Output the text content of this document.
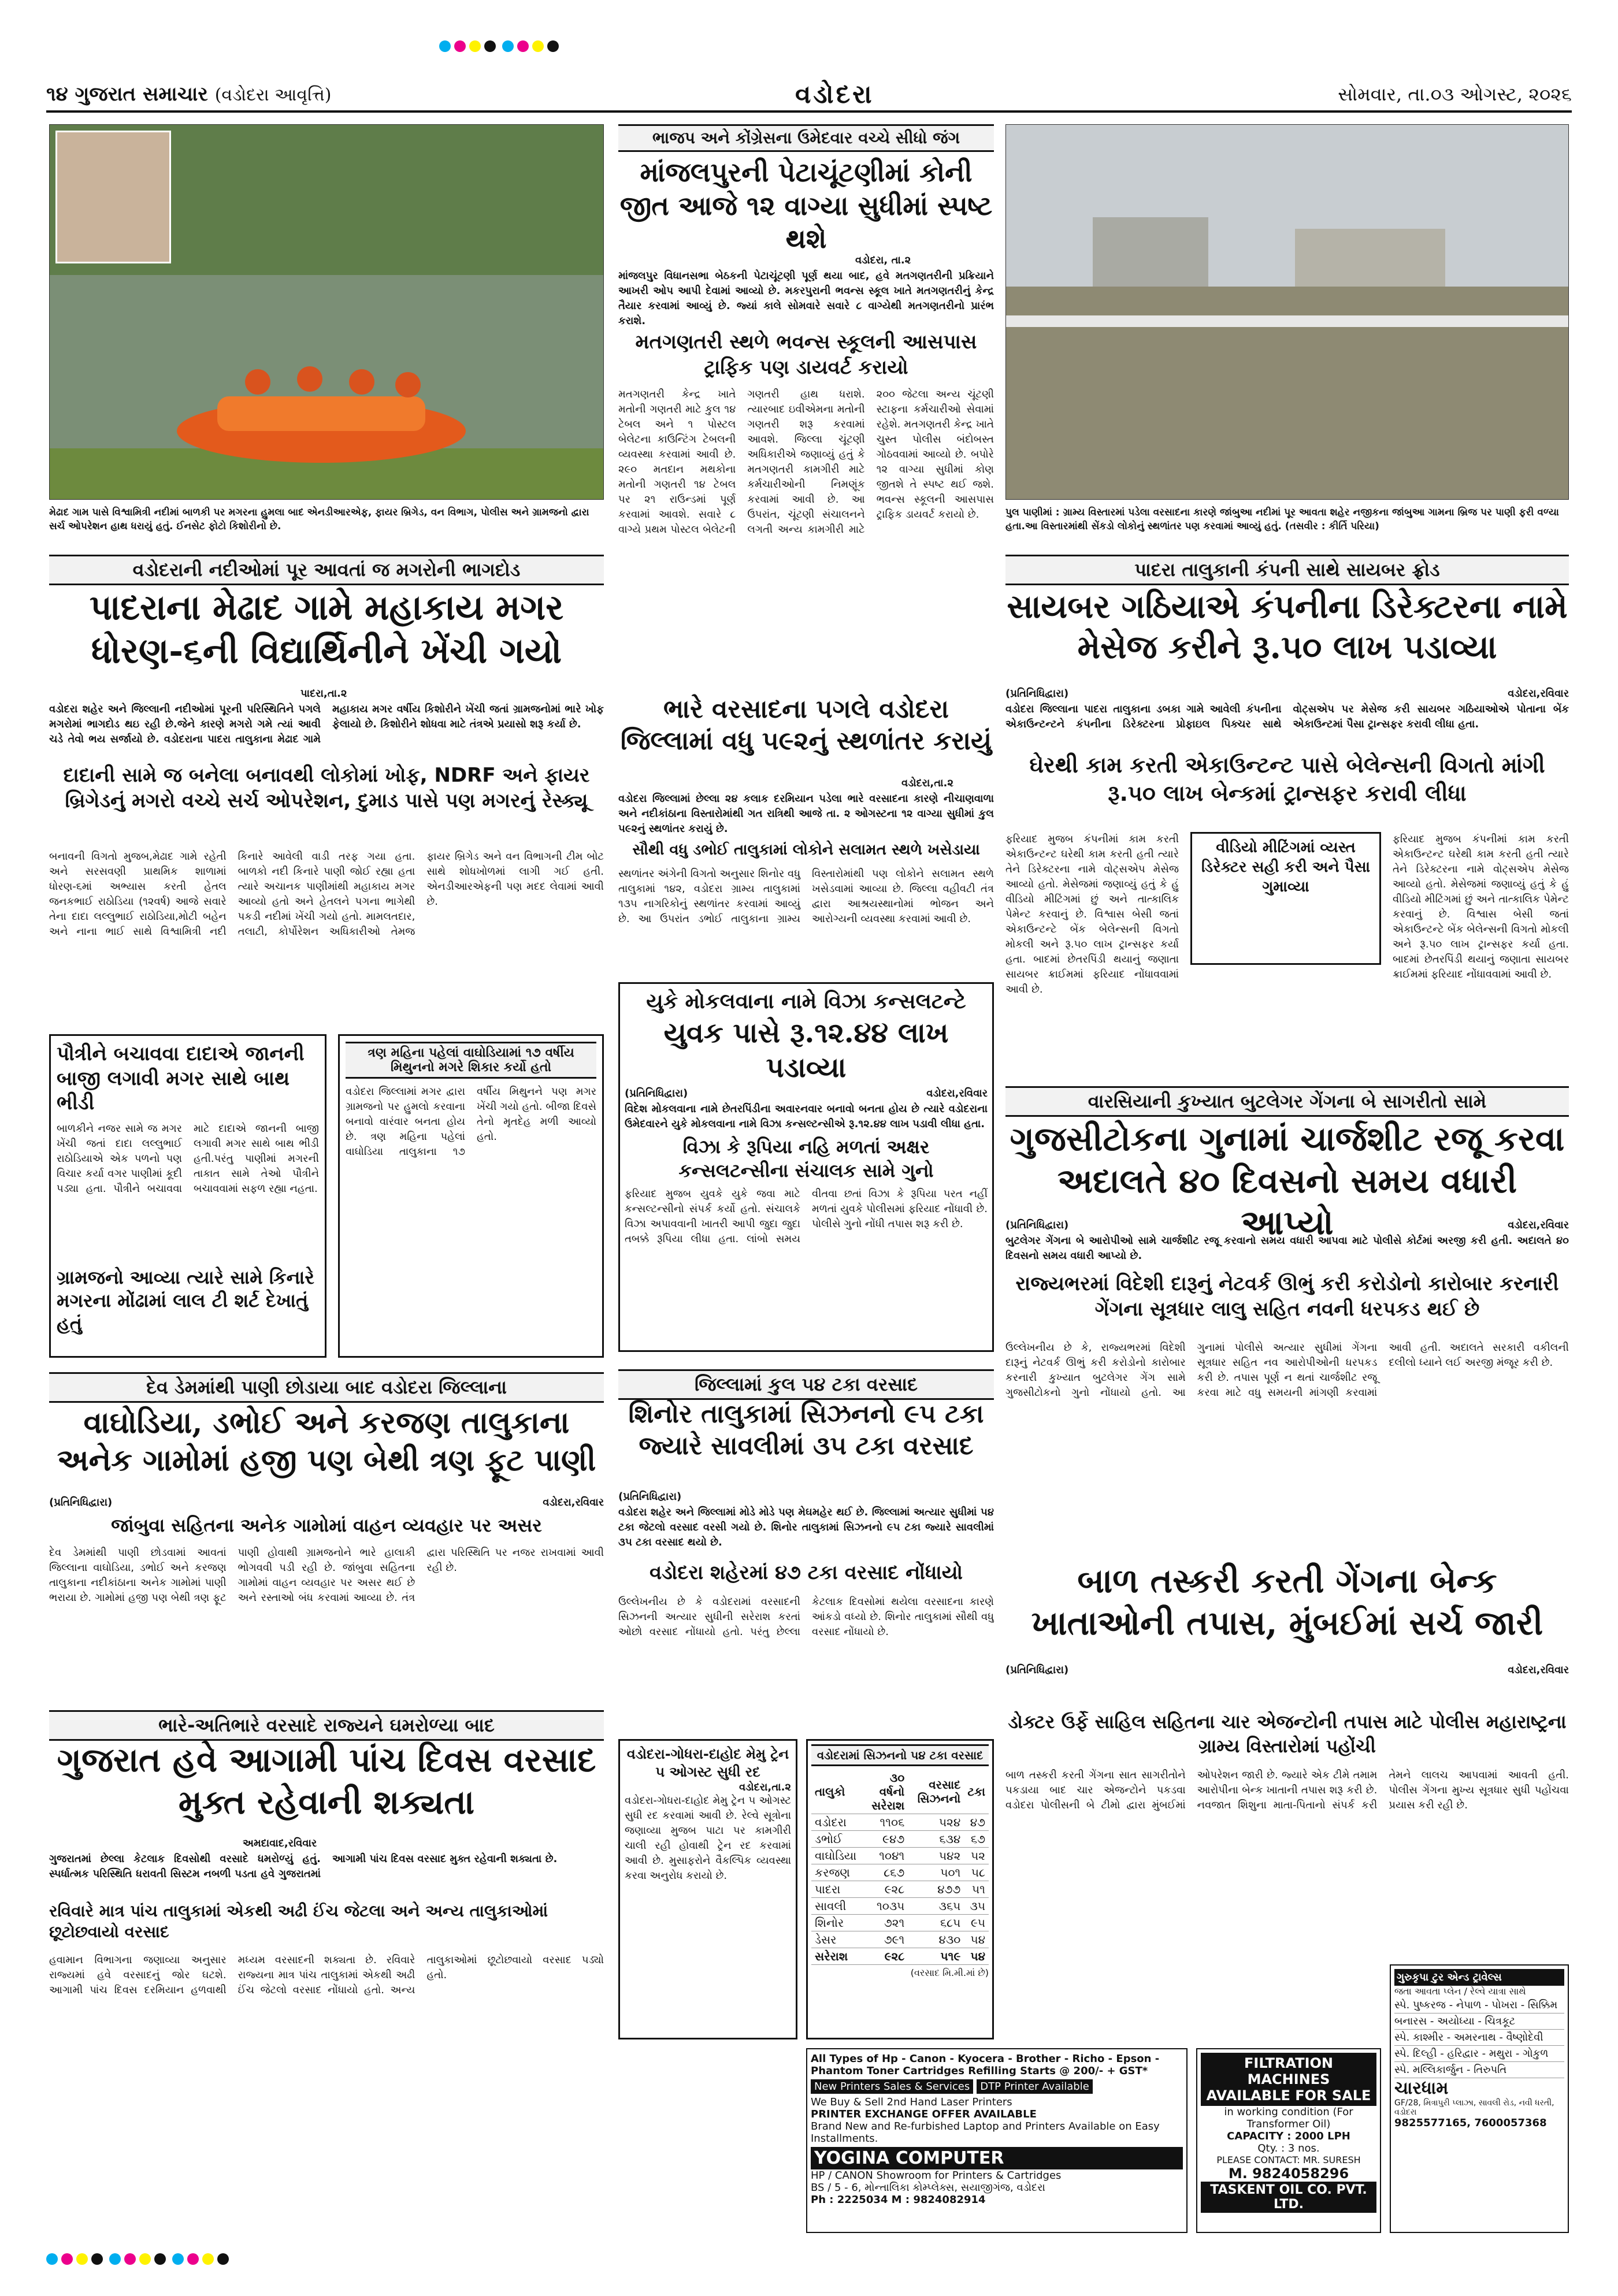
૧૪ ગુજરાત સમાચાર (વડોદરા આવૃત્તિ)	વડોદરા	સોમવાર, તા.૦૩ ઓગસ્ટ, ૨૦૨૬
મેઢાદ ગામ પાસે વિશ્વામિત્રી નદીમાં બાળકી પર મગરના હુમલા બાદ એનડીઆરએફ, ફાયર બ્રિગેડ, વન વિભાગ, પોલીસ અને ગ્રામજનો દ્વારા સર્ચ ઓપરેશન હાથ ધરાયું હતું. ઈનસેટ ફોટો કિશોરીનો છે.
ભાજપ અને કોંગ્રેસના ઉમેદવાર વચ્ચે સીધો જંગ
માંજલપુરની પેટાચૂંટણીમાં કોની જીત આજે ૧૨ વાગ્યા સુધીમાં સ્પષ્ટ થશે
વડોદરા, તા.૨
માંજલપુર વિધાનસભા બેઠકની પેટાચૂંટણી પૂર્ણ થયા બાદ, હવે મતગણતરીની પ્રક્રિયાને આખરી ઓપ આપી દેવામાં આવ્યો છે. મકરપુરાની ભવન્સ સ્કૂલ ખાતે મતગણતરીનું કેન્દ્ર તૈયાર કરવામાં આવ્યું છે. જ્યાં કાલે સોમવારે સવારે ૮ વાગ્યેથી મતગણતરીનો પ્રારંભ કરાશે.
મતગણતરી સ્થળે ભવન્સ સ્કૂલની આસપાસ ટ્રાફિક પણ ડાયવર્ટ કરાયો
મતગણતરી કેન્દ્ર ખાતે મતોની ગણતરી માટે કુલ ૧૪ ટેબલ અને ૧ પોસ્ટલ બેલેટના કાઉન્ટિંગ ટેબલની વ્યવસ્થા કરવામાં આવી છે. ૨૯૦ મતદાન મથકોના મતોની ગણતરી ૧૪ ટેબલ પર ૨૧ રાઉન્ડમાં પૂર્ણ કરવામાં આવશે. સવારે ૮ વાગ્યે પ્રથમ પોસ્ટલ બેલેટની ગણતરી હાથ ધરાશે. ત્યારબાદ ઇવીએમના મતોની ગણતરી શરૂ કરવામાં આવશે. જિલ્લા ચૂંટણી અધિકારીએ જણાવ્યું હતું કે મતગણતરી કામગીરી માટે કર્મચારીઓની નિમણૂંક કરવામાં આવી છે. આ ઉપરાંત, ચૂંટણી સંચાલનને લગતી અન્ય કામગીરી માટે ૨૦૦ જેટલા અન્ય ચૂંટણી સ્ટાફના કર્મચારીઓ સેવામાં રહેશે. મતગણતરી કેન્દ્ર ખાતે ચુસ્ત પોલીસ બંદોબસ્ત ગોઠવવામાં આવ્યો છે. બપોરે ૧૨ વાગ્યા સુધીમાં કોણ જીતશે તે સ્પષ્ટ થઈ જશે. ભવન્સ સ્કૂલની આસપાસ ટ્રાફિક ડાયવર્ટ કરાયો છે.	પુલ પાણીમાં : ગ્રામ્ય વિસ્તારમાં પડેલા વરસાદના કારણે જાંબુઆ નદીમાં પૂર આવતા શહેર નજીકના જાંબુઆ ગામના બ્રિજ પર પાણી ફરી વળ્યા હતા.આ વિસ્તારમાંથી સેંકડો લોકોનું સ્થળાંતર પણ કરવામાં આવ્યું હતું. (તસવીર : કીર્તિ પરિયા)
વડોદરાની નદીઓમાં પૂર આવતાં જ મગરોની ભાગદોડ
પાદરાના મેઢાદ ગામે મહાકાય મગર ધોરણ-૬ની વિદ્યાર્થિનીને ખેંચી ગયો
પાદરા,તા.૨
વડોદરા શહેર અને જિલ્લાની નદીઓમાં પૂરની પરિસ્થિતિને પગલે મગરોમાં ભાગદોડ થઇ રહી છે.જેને કારણે મગરો ગમે ત્યાં આવી ચડે તેવો ભય સર્જાયો છે. વડોદરાના પાદરા તાલુકાના મેઢાદ ગામે મહાકાય મગર વર્ષીય કિશોરીને ખેંચી જતાં ગ્રામજનોમાં ભારે ખોફ ફેલાયો છે. કિશોરીને શોધવા માટે તંત્રએ પ્રયાસો શરૂ કર્યા છે.
દાદાની સામે જ બનેલા બનાવથી લોકોમાં ખોફ, NDRF અને ફાયર બ્રિગેડનું મગરો વચ્ચે સર્ચ ઓપરેશન, દુમાડ પાસે પણ મગરનું રેસ્ક્યૂ
બનાવની વિગતો મુજબ,મેઢાદ ગામે રહેતી અને સરસવણી પ્રાથમિક શાળામાં ધોરણ-૬માં અભ્યાસ કરતી હેતલ જનકભાઈ રાઠોડિયા (૧૨વર્ષ) આજે સવારે તેના દાદા લલ્લુભાઈ રાઠોડિયા,મોટી બહેન અને નાના ભાઈ સાથે વિશ્વામિત્રી નદી કિનારે આવેલી વાડી તરફ ગયા હતા. બાળકો નદી કિનારે પાણી જોઈ રહ્યા હતા ત્યારે અચાનક પાણીમાંથી મહાકાય મગર આવ્યો હતો અને હેતલને પગના ભાગેથી પકડી નદીમાં ખેંચી ગયો હતો. મામલતદાર, તલાટી, કોર્પોરેશન અધિકારીઓ તેમજ ફાયર બ્રિગેડ અને વન વિભાગની ટીમ બોટ સાથે શોધખોળમાં લાગી ગઈ હતી. એનડીઆરએફની પણ મદદ લેવામાં આવી છે.
પૌત્રીને બચાવવા દાદાએ જાનની બાજી લગાવી મગર સાથે બાથ ભીડી
બાળકીને નજર સામે જ મગર ખેંચી જતાં દાદા લલ્લુભાઈ રાઠોડિયાએ એક પળનો પણ વિચાર કર્યા વગર પાણીમાં કૂદી પડ્યા હતા. પૌત્રીને બચાવવા માટે દાદાએ જાનની બાજી લગાવી મગર સાથે બાથ ભીડી હતી.પરંતુ પાણીમાં મગરની તાકાત સામે તેઓ પૌત્રીને બચાવવામાં સફળ રહ્યા નહતા.
ગ્રામજનો આવ્યા ત્યારે સામે કિનારે મગરના મોંઢામાં લાલ ટી શર્ટ દેખાતું હતું
ત્રણ મહિના પહેલાં વાઘોડિયામાં ૧૭ વર્ષીય મિથુનનો મગરે શિકાર કર્યો હતો
વડોદરા જિલ્લામાં મગર દ્વારા ગ્રામજનો પર હુમલો કરવાના બનાવો વારંવાર બનતા હોય છે. ત્રણ મહિના પહેલાં વાઘોડિયા તાલુકાના ૧૭ વર્ષીય મિથુનને પણ મગર ખેંચી ગયો હતો. બીજા દિવસે તેનો મૃતદેહ મળી આવ્યો હતો.
ભારે વરસાદના પગલે વડોદરા જિલ્લામાં વધુ ૫૯૨નું સ્થળાંતર કરાયું
વડોદરા,તા.૨
વડોદરા જિલ્લામાં છેલ્લા ૨૪ કલાક દરમિયાન પડેલા ભારે વરસાદના કારણે નીચાણવાળા અને નદીકાંઠાના વિસ્તારોમાંથી ગત રાત્રિથી આજે તા. ૨ ઓગસ્ટના ૧૨ વાગ્યા સુધીમાં કુલ ૫૯૨નું સ્થળાંતર કરાયું છે.
સૌથી વધુ ડભોઈ તાલુકામાં લોકોને સલામત સ્થળે ખસેડાયા
સ્થળાંતર અંગેની વિગતો અનુસાર શિનોર વધુ તાલુકામાં ૧૪૨, વડોદરા ગ્રામ્ય તાલુકામાં ૧૩૫ નાગરિકોનું સ્થળાંતર કરવામાં આવ્યું છે. આ ઉપરાંત ડભોઈ તાલુકાના ગ્રામ્ય વિસ્તારોમાંથી પણ લોકોને સલામત સ્થળે ખસેડવામાં આવ્યા છે. જિલ્લા વહીવટી તંત્ર દ્વારા આશ્રયસ્થાનોમાં ભોજન અને આરોગ્યની વ્યવસ્થા કરવામાં આવી છે.
યુકે મોકલવાના નામે વિઝા કન્સલટન્ટે
યુવક પાસે રૂ.૧૨.૪૪ લાખ પડાવ્યા
(પ્રતિનિધિદ્વારા)	વડોદરા,રવિવાર
વિદેશ મોકલવાના નામે છેતરપિંડીના અવારનવાર બનાવો બનતા હોય છે ત્યારે વડોદરાના ઉમેદવારને યુકે મોકલવાના નામે વિઝા કન્સલ્ટન્સીએ રૂ.૧૨.૪૪ લાખ પડાવી લીધા હતા.
વિઝા કે રૂપિયા નહિ મળતાં અક્ષર કન્સલટન્સીના સંચાલક સામે ગુનો
ફરિયાદ મુજબ યુવકે યુકે જવા માટે કન્સલ્ટન્સીનો સંપર્ક કર્યો હતો. સંચાલકે વિઝા અપાવવાની ખાતરી આપી જુદા જુદા તબક્કે રૂપિયા લીધા હતા. લાંબો સમય વીતવા છતાં વિઝા કે રૂપિયા પરત નહીં મળતાં યુવકે પોલીસમાં ફરિયાદ નોંધાવી છે. પોલીસે ગુનો નોંધી તપાસ શરૂ કરી છે.
પાદરા તાલુકાની કંપની સાથે સાયબર ફ્રોડ
સાયબર ગઠિયાએ કંપનીના ડિરેક્ટરના નામે મેસેજ કરીને રૂ.૫૦ લાખ પડાવ્યા
(પ્રતિનિધિદ્વારા)	વડોદરા,રવિવાર
વડોદરા જિલ્લાના પાદરા તાલુકાના ડબકા ગામે આવેલી કંપનીના એકાઉન્ટન્ટને કંપનીના ડિરેક્ટરના પ્રોફાઇલ પિક્ચર સાથે વોટ્સએપ પર મેસેજ કરી સાયબર ગઠિયાઓએ પોતાના બેંક એકાઉન્ટમાં પૈસા ટ્રાન્સફર કરાવી લીધા હતા.
ઘેરથી કામ કરતી એકાઉન્ટન્ટ પાસે બેલેન્સની વિગતો માંગી રૂ.૫૦ લાખ બેન્કમાં ટ્રાન્સફર કરાવી લીધા
વીડિયો મીટિંગમાં વ્યસ્ત ડિરેક્ટર સહી કરી અને પૈસા ગુમાવ્યા
ફરિયાદ મુજબ કંપનીમાં કામ કરતી એકાઉન્ટન્ટ ઘરેથી કામ કરતી હતી ત્યારે તેને ડિરેક્ટરના નામે વોટ્સએપ મેસેજ આવ્યો હતો. મેસેજમાં જણાવ્યું હતું કે હું વીડિયો મીટિંગમાં છું અને તાત્કાલિક પેમેન્ટ કરવાનું છે. વિશ્વાસ બેસી જતાં એકાઉન્ટન્ટે બેંક બેલેન્સની વિગતો મોકલી અને રૂ.૫૦ લાખ ટ્રાન્સફર કર્યા હતા. બાદમાં છેતરપિંડી થયાનું જણાતા સાયબર ક્રાઈમમાં ફરિયાદ નોંધાવવામાં આવી છે.
ફરિયાદ મુજબ કંપનીમાં કામ કરતી એકાઉન્ટન્ટ ઘરેથી કામ કરતી હતી ત્યારે તેને ડિરેક્ટરના નામે વોટ્સએપ મેસેજ આવ્યો હતો. મેસેજમાં જણાવ્યું હતું કે હું વીડિયો મીટિંગમાં છું અને તાત્કાલિક પેમેન્ટ કરવાનું છે. વિશ્વાસ બેસી જતાં એકાઉન્ટન્ટે બેંક બેલેન્સની વિગતો મોકલી અને રૂ.૫૦ લાખ ટ્રાન્સફર કર્યા હતા. બાદમાં છેતરપિંડી થયાનું જણાતા સાયબર ક્રાઈમમાં ફરિયાદ નોંધાવવામાં આવી છે.
વારસિયાની કુખ્યાત બુટલેગર ગેંગના બે સાગરીતો સામે
ગુજસીટોકના ગુનામાં ચાર્જશીટ રજૂ કરવા અદાલતે ૪૦ દિવસનો સમય વધારી આપ્યો
(પ્રતિનિધિદ્વારા)	વડોદરા,રવિવાર
બુટલેગર ગેંગના બે આરોપીઓ સામે ચાર્જશીટ રજૂ કરવાનો સમય વધારી આપવા માટે પોલીસે કોર્ટમાં અરજી કરી હતી. અદાલતે ૪૦ દિવસનો સમય વધારી આપ્યો છે.
રાજ્યભરમાં વિદેશી દારૂનું નેટવર્ક ઊભું કરી કરોડોનો કારોબાર કરનારી ગેંગના સૂત્રધાર લાલુ સહિત નવની ધરપકડ થઈ છે
ઉલ્લેખનીય છે કે, રાજ્યભરમાં વિદેશી દારૂનું નેટવર્ક ઊભું કરી કરોડોનો કારોબાર કરનારી કુખ્યાત બુટલેગર ગેંગ સામે ગુજસીટોકનો ગુનો નોંધાયો હતો. આ ગુનામાં પોલીસે અત્યાર સુધીમાં ગેંગના સૂત્રધાર સહિત નવ આરોપીઓની ધરપકડ કરી છે. તપાસ પૂર્ણ ન થતાં ચાર્જશીટ રજૂ કરવા માટે વધુ સમયની માંગણી કરવામાં આવી હતી. અદાલતે સરકારી વકીલની દલીલો ધ્યાને લઈ અરજી મંજૂર કરી છે.
દેવ ડેમમાંથી પાણી છોડાયા બાદ વડોદરા જિલ્લાના
વાઘોડિયા, ડભોઈ અને કરજણ તાલુકાના અનેક ગામોમાં હજી પણ બેથી ત્રણ ફૂટ પાણી
(પ્રતિનિધિદ્વારા)	વડોદરા,રવિવાર
જાંબુવા સહિતના અનેક ગામોમાં વાહન વ્યવહાર પર અસર
દેવ ડેમમાંથી પાણી છોડવામાં આવતાં જિલ્લાના વાઘોડિયા, ડભોઈ અને કરજણ તાલુકાના નદીકાંઠાના અનેક ગામોમાં પાણી ભરાયા છે. ગામોમાં હજી પણ બેથી ત્રણ ફૂટ પાણી હોવાથી ગ્રામજનોને ભારે હાલાકી ભોગવવી પડી રહી છે. જાંબુવા સહિતના ગામોમાં વાહન વ્યવહાર પર અસર થઈ છે અને રસ્તાઓ બંધ કરવામાં આવ્યા છે. તંત્ર દ્વારા પરિસ્થિતિ પર નજર રાખવામાં આવી રહી છે.
ભારે-અતિભારે વરસાદે રાજ્યને ઘમરોળ્યા બાદ
ગુજરાત હવે આગામી પાંચ દિવસ વરસાદ મુક્ત રહેવાની શક્યતા
અમદાવાદ,રવિવાર
ગુજરાતમાં છેલ્લા કેટલાક દિવસોથી વરસાદે ધમરોળ્યું હતું. સ્પર્ધાત્મક પરિસ્થિતિ ધરાવતી સિસ્ટમ નબળી પડતા હવે ગુજરાતમાં આગામી પાંચ દિવસ વરસાદ મુક્ત રહેવાની શક્યતા છે.
રવિવારે માત્ર પાંચ તાલુકામાં એકથી અઢી ઈંચ જેટલા અને અન્ય તાલુકાઓમાં છૂટોછવાયો વરસાદ
હવામાન વિભાગના જણાવ્યા અનુસાર રાજ્યમાં હવે વરસાદનું જોર ઘટશે. આગામી પાંચ દિવસ દરમિયાન હળવાથી મધ્યમ વરસાદની શક્યતા છે. રવિવારે રાજ્યના માત્ર પાંચ તાલુકામાં એકથી અઢી ઈંચ જેટલો વરસાદ નોંધાયો હતો. અન્ય તાલુકાઓમાં છૂટોછવાયો વરસાદ પડ્યો હતો.
જિલ્લામાં કુલ ૫૪ ટકા વરસાદ
શિનોર તાલુકામાં સિઝનનો ૯૫ ટકા જ્યારે સાવલીમાં ૩૫ ટકા વરસાદ
(પ્રતિનિધિદ્વારા)
વડોદરા શહેર અને જિલ્લામાં મોડે મોડે પણ મેઘમહેર થઈ છે. જિલ્લામાં અત્યાર સુધીમાં ૫૪ ટકા જેટલો વરસાદ વરસી ગયો છે. શિનોર તાલુકામાં સિઝનનો ૯૫ ટકા જ્યારે સાવલીમાં ૩૫ ટકા વરસાદ થયો છે.
વડોદરા શહેરમાં ૪૭ ટકા વરસાદ નોંધાયો
ઉલ્લેખનીય છે કે વડોદરામાં વરસાદની સિઝનની અત્યાર સુધીની સરેરાશ કરતાં ઓછો વરસાદ નોંધાયો હતો. પરંતુ છેલ્લા કેટલાક દિવસોમાં થયેલા વરસાદના કારણે આંકડો વધ્યો છે. શિનોર તાલુકામાં સૌથી વધુ વરસાદ નોંધાયો છે.
વડોદરા-ગોધરા-દાહોદ મેમુ ટ્રેન ૫ ઓગસ્ટ સુધી રદ
વડોદરા,તા.૨
વડોદરા-ગોધરા-દાહોદ મેમુ ટ્રેન ૫ ઓગસ્ટ સુધી રદ કરવામાં આવી છે. રેલ્વે સૂત્રોના જણાવ્યા મુજબ પાટા પર કામગીરી ચાલી રહી હોવાથી ટ્રેન રદ કરવામાં આવી છે. મુસાફરોને વૈકલ્પિક વ્યવસ્થા કરવા અનુરોધ કરાયો છે.
વડોદરામાં સિઝનનો ૫૪ ટકા વરસાદ
તાલુકો	૩૦ વર્ષનો સરેરાશ	વરસાદ સિઝનનો	ટકા
વડોદરા	૧૧૦૬	૫૨૪	૪૭
ડભોઈ	૯૪૭	૬૩૪	૬૭
વાઘોડિયા	૧૦૪૧	૫૪૨	૫૨
કરજણ	૮૬૭	૫૦૧	૫૮
પાદરા	૯૨૮	૪૭૭	૫૧
સાવલી	૧૦૩૫	૩૬૫	૩૫
શિનોર	૭૨૧	૬૮૫	૯૫
ડેસર	૭૯૧	૪૩૦	૫૪
સરેરાશ	૯૨૮	૫૧૯	૫૪
(વરસાદ મિ.મી.માં છે)
બાળ તસ્કરી કરતી ગેંગના બેન્ક ખાતાઓની તપાસ, મુંબઈમાં સર્ચ જારી
(પ્રતિનિધિદ્વારા)	વડોદરા,રવિવાર
ડોક્ટર ઉર્ફે સાહિલ સહિતના ચાર એજન્ટોની તપાસ માટે પોલીસ મહારાષ્ટ્રના ગ્રામ્ય વિસ્તારોમાં પહોંચી
બાળ તસ્કરી કરતી ગેંગના સાત સાગરીતોને પકડાયા બાદ ચાર એજન્ટોને પકડવા વડોદરા પોલીસની બે ટીમો દ્વારા મુંબઈમાં ઓપરેશન જારી છે. જ્યારે એક ટીમે તમામ આરોપીના બેન્ક ખાતાની તપાસ શરૂ કરી છે. નવજાત શિશુના માતા-પિતાનો સંપર્ક કરી તેમને લાલચ આપવામાં આવતી હતી. પોલીસ ગેંગના મુખ્ય સૂત્રધાર સુધી પહોંચવા પ્રયાસ કરી રહી છે.
All Types of Hp - Canon - Kyocera - Brother - Richo - Epson -
Phantom Toner Cartridges Refilling Starts @ 200/- + GST*
New Printers Sales & Services	DTP Printer Available
We Buy & Sell 2nd Hand Laser Printers
PRINTER EXCHANGE OFFER AVAILABLE
Brand New and Re-furbished Laptop and Printers Available on Easy Installments.
YOGINA COMPUTER
HP / CANON Showroom for Printers & Cartridges
BS / 5 - 6, મોન્તાલિકા કોમ્પ્લેક્સ, સયાજીગંજ, વડોદરા
Ph : 2225034 M : 9824082914
FILTRATION MACHINES AVAILABLE FOR SALE
in working condition (For Transformer Oil)
CAPACITY : 2000 LPH
Qty. : 3 nos.
PLEASE CONTACT: MR. SURESH
M. 9824058296
TASKENT OIL CO. PVT. LTD.
ગુરુકૃપા ટુર એન્ડ ટ્રાવેલ્સ
જતા આવતા પ્લેન / રેલ્વે યાત્રા સાથે
સ્પે. પુષ્કરજ - નેપાળ - પોખરા - સિક્કિમ
બનારસ - અયોધ્યા - ચિત્રકૂટ
સ્પે. કાશ્મીર - અમરનાથ - વૈષ્ણોદેવી
સ્પે. દિલ્હી - હરિદ્વાર - મથુરા - ગોકુળ
સ્પે. મલ્લિકાર્જુન - તિરુપતિ
ચારધામ
GF/28, મિત્રાપુરી પ્લાઝા, સાવલી રોડ, નવી ધરતી, વડોદરા
9825577165, 7600057368
